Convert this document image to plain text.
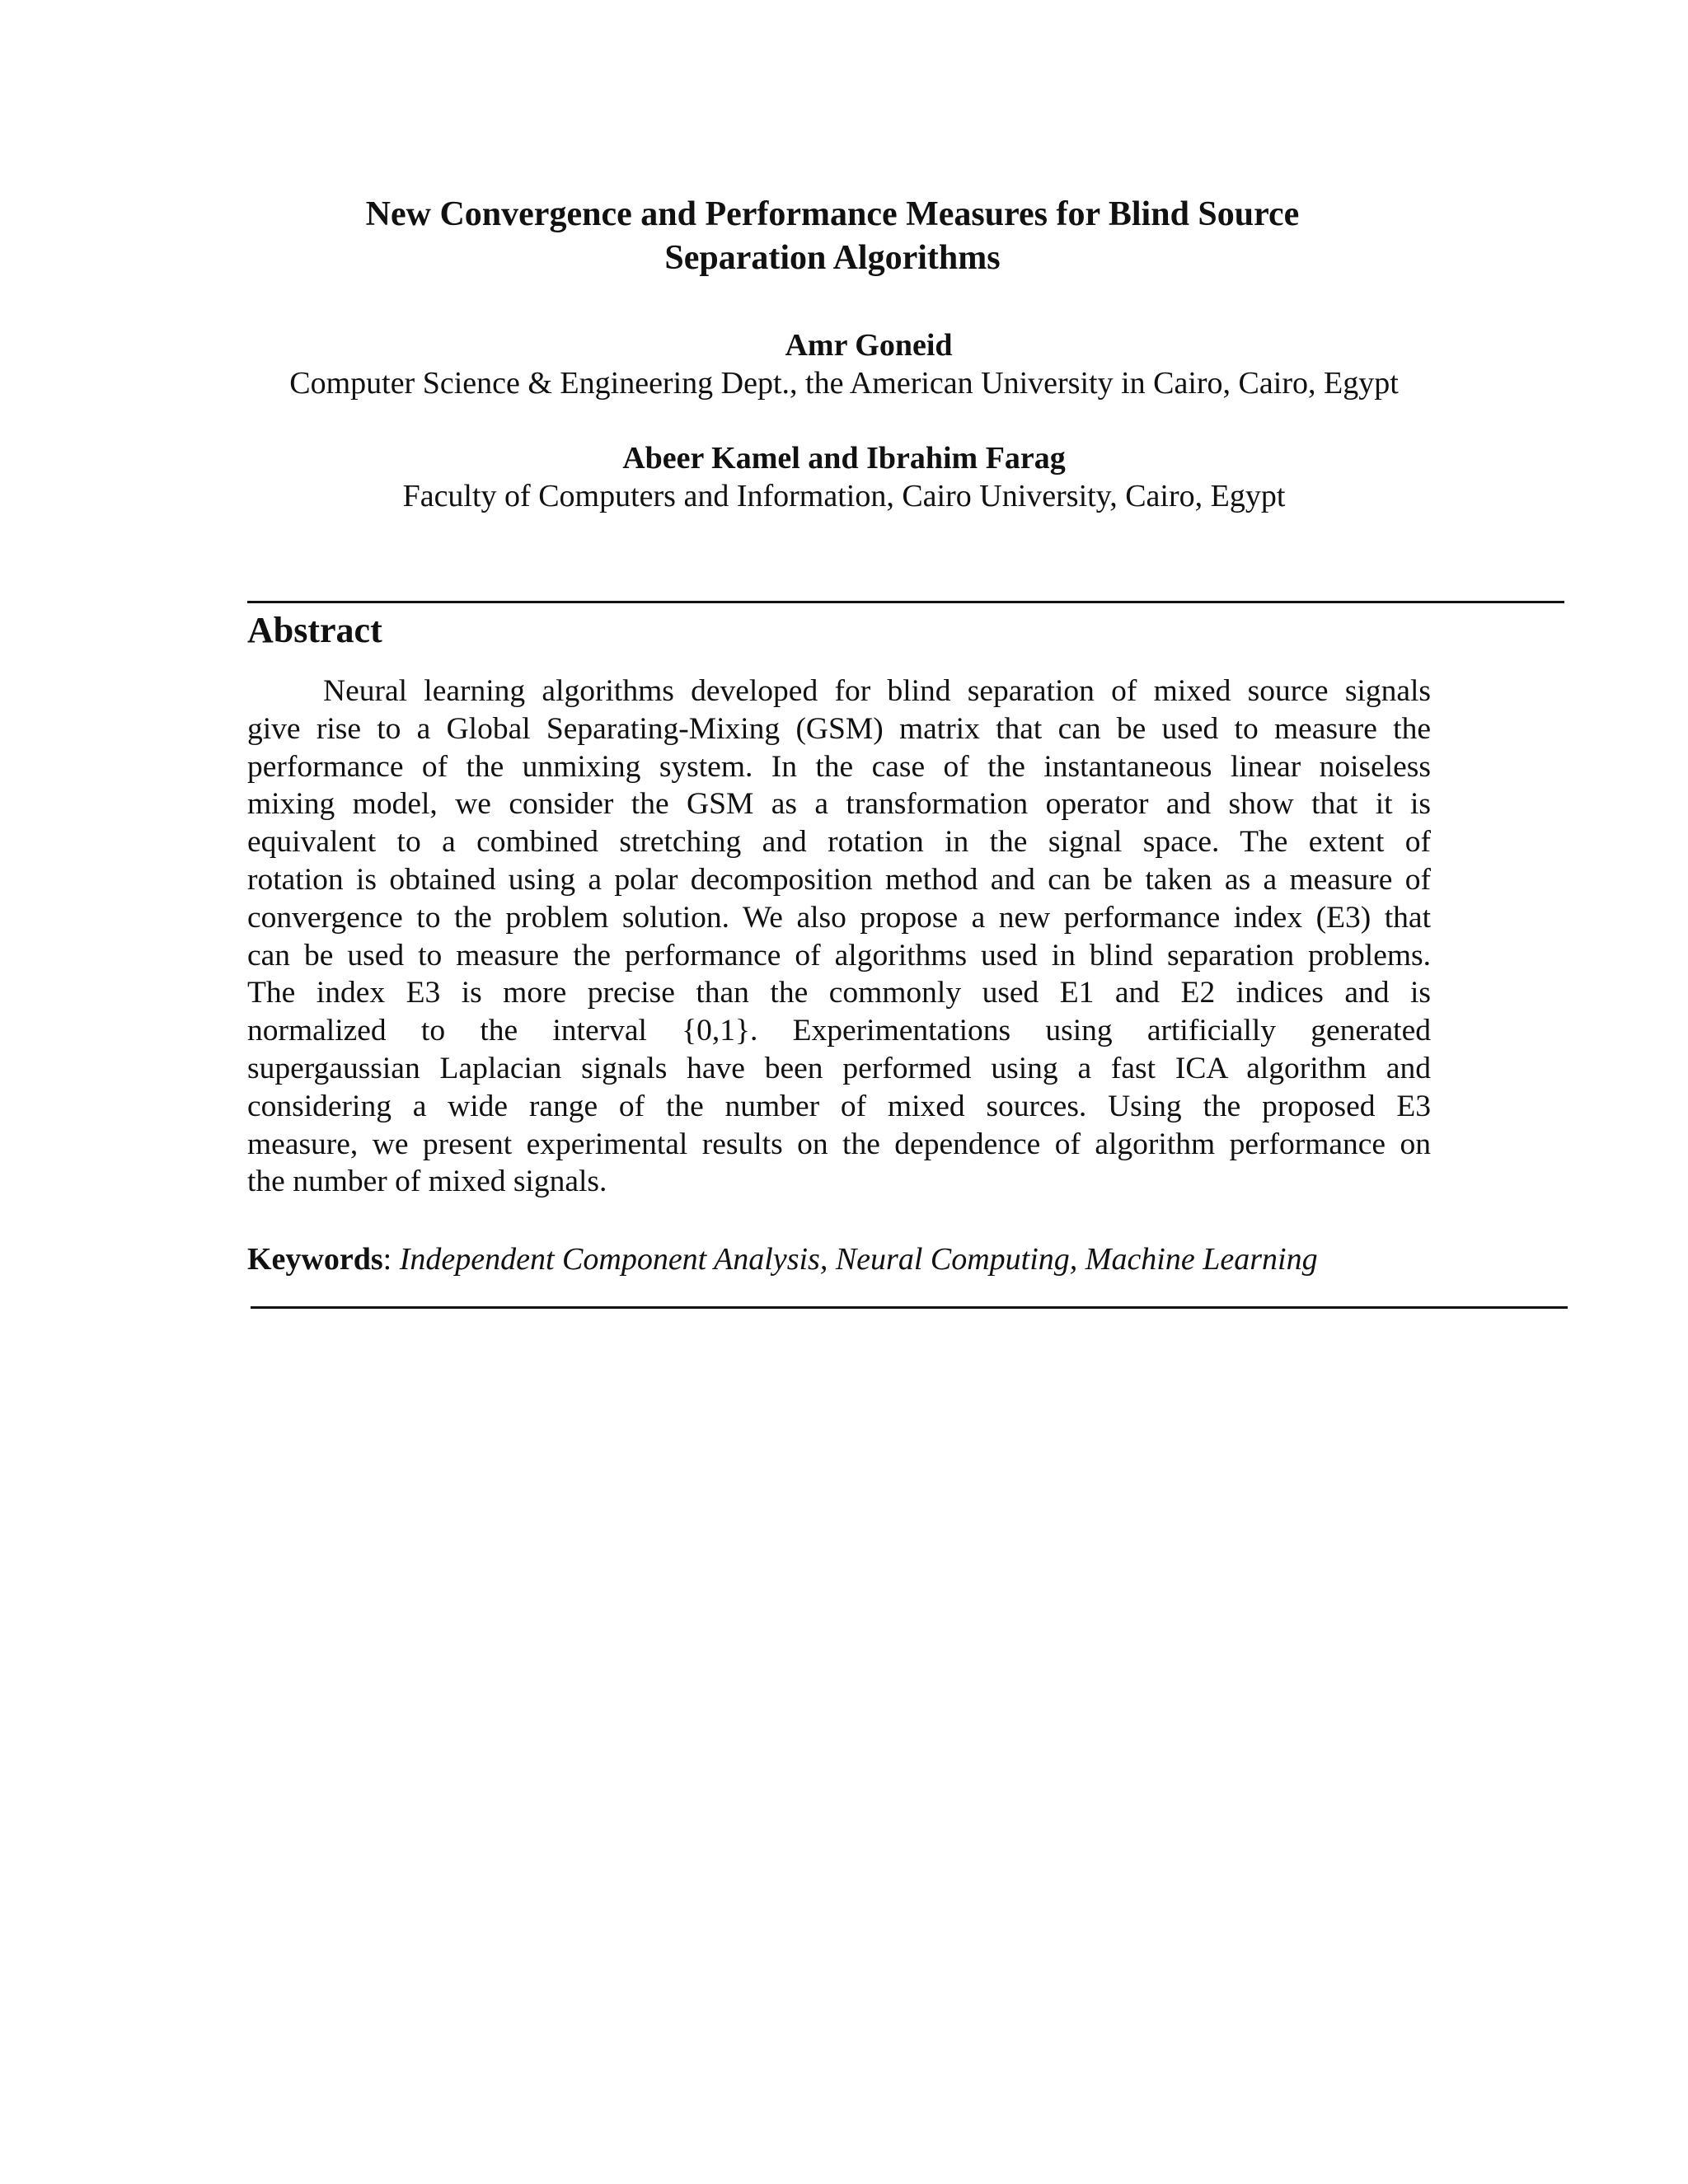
New Convergence and Performance Measures for Blind Source
Separation Algorithms
Amr Goneid
Computer Science & Engineering Dept., the American University in Cairo, Cairo, Egypt
Abeer Kamel and Ibrahim Farag
Faculty of Computers and Information, Cairo University, Cairo, Egypt
Abstract
Neural learning algorithms developed for blind separation of mixed source signals
give rise to a Global Separating-Mixing (GSM) matrix that can be used to measure the
performance of the unmixing system. In the case of the instantaneous linear noiseless
mixing model, we consider the GSM as a transformation operator and show that it is
equivalent to a combined stretching and rotation in the signal space. The extent of
rotation is obtained using a polar decomposition method and can be taken as a measure of
convergence to the problem solution. We also propose a new performance index (E3) that
can be used to measure the performance of algorithms used in blind separation problems.
The index E3 is more precise than the commonly used E1 and E2 indices and is
normalized to the interval {0,1}. Experimentations using artificially generated
supergaussian Laplacian signals have been performed using a fast ICA algorithm and
considering a wide range of the number of mixed sources. Using the proposed E3
measure, we present experimental results on the dependence of algorithm performance on
the number of mixed signals.
Keywords: Independent Component Analysis, Neural Computing, Machine Learning
